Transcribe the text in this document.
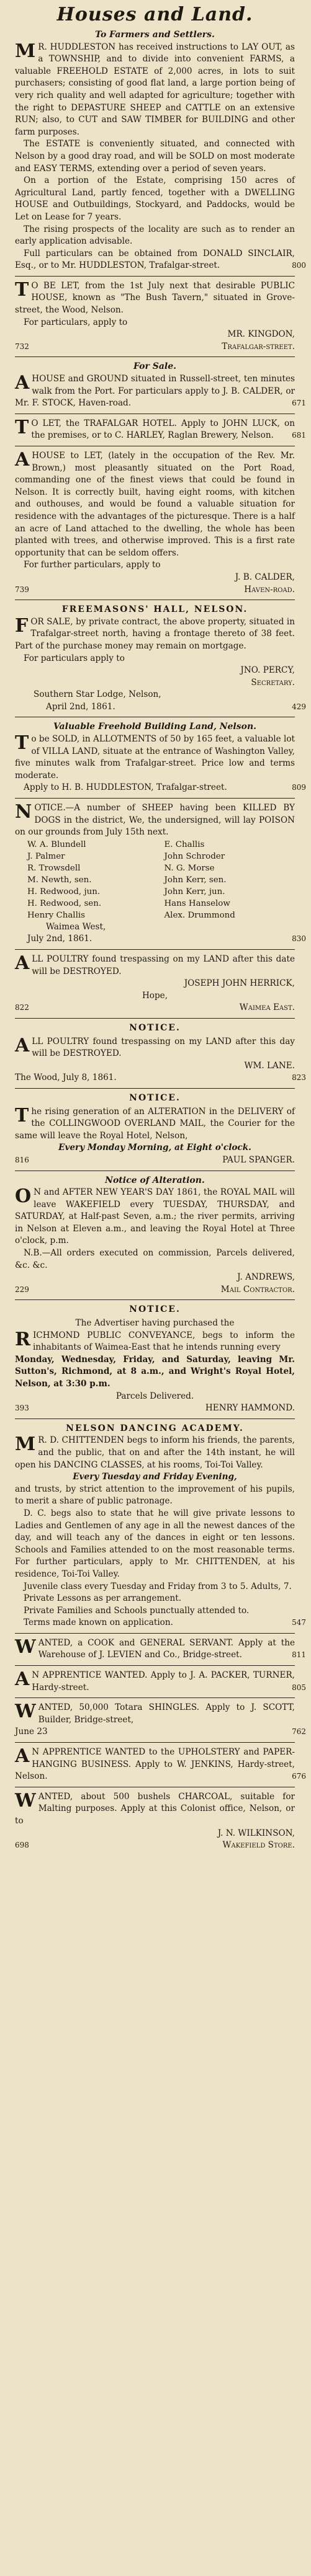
Houses and Land.
To Farmers and Settlers.
M R. HUDDLESTON has received instructions to LAY OUT, as a TOWNSHIP, and to divide into convenient FARMS, a valuable FREEHOLD ESTATE of 2,000 acres, in lots to suit purchasers; consisting of good flat land, a large portion being of very rich quality and well adapted for agriculture; together with the right to DEPASTURE SHEEP and CATTLE on an extensive RUN; also, to CUT and SAW TIMBER for BUILDING and other farm purposes.

The ESTATE is conveniently situated, and connected with Nelson by a good dray road, and will be SOLD on most moderate and EASY TERMS, extending over a period of seven years.

On a portion of the Estate, comprising 150 acres of Agricultural Land, partly fenced, together with a DWELLING HOUSE and Outbuildings, Stockyard, and Paddocks, would be Let on Lease for 7 years.

The rising prospects of the locality are such as to render an early application advisable.

Full particulars can be obtained from DONALD SINCLAIR, Esq., or to Mr. HUDDLESTON, Trafalgar-street.	800
T O BE LET, from the 1st July next that desirable PUBLIC HOUSE, known as "The Bush Tavern," situated in Grove-street, the Wood, Nelson.

For particulars, apply to

MR. KINGDON,

Trafalgar-street.

732
For Sale.
A HOUSE and GROUND situated in Russell-street, ten minutes walk from the Port. For particulars apply to J. B. CALDER, or Mr. F. STOCK, Haven-road.	671
T O LET, the TRAFALGAR HOTEL. Apply to JOHN LUCK, on the premises, or to C. HARLEY, Raglan Brewery, Nelson.	681
A HOUSE to LET, (lately in the occupation of the Rev. Mr. Brown,) most pleasantly situated on the Port Road, commanding one of the finest views that could be found in Nelson. It is correctly built, having eight rooms, with kitchen and outhouses, and would be found a valuable situation for residence with the advantages of the picturesque. There is a half an acre of Land attached to the dwelling, the whole has been planted with trees, and otherwise improved. This is a first rate opportunity that can be seldom offers.

For further particulars, apply to

J. B. CALDER,

Haven-road.

739
FREEMASONS' HALL, NELSON.
F OR SALE, by private contract, the above property, situated in Trafalgar-street north, having a frontage thereto of 38 feet. Part of the purchase money may remain on mortgage.

For particulars apply to

JNO. PERCY,

Secretary.

Southern Star Lodge, Nelson,

April 2nd, 1861.	429
Valuable Freehold Building Land, Nelson.
T o be SOLD, in ALLOTMENTS of 50 by 165 feet, a valuable lot of VILLA LAND, situate at the entrance of Washington Valley, five minutes walk from Trafalgar-street. Price low and terms moderate.

Apply to H. B. HUDDLESTON, Trafalgar-street.	809
N OTICE.—A number of SHEEP having been KILLED BY DOGS in the district, We, the undersigned, will lay POISON on our grounds from July 15th next.

W. A. Blundell	E. Challis
J. Palmer	John Schroder
R. Trowsdell	N. G. Morse
M. Newth, sen.	John Kerr, sen.
H. Redwood, jun.	John Kerr, jun.
H. Redwood, sen.	Hans Hanselow
Henry Challis	Alex. Drummond

Waimea West,

July 2nd, 1861.	830
A LL POULTRY found trespassing on my LAND after this date will be DESTROYED.

JOSEPH JOHN HERRICK,

Hope,

Waimea East.

822
NOTICE.
A LL POULTRY found trespassing on my LAND after this day will be DESTROYED.

WM. LANE.

The Wood, July 8, 1861.	823
NOTICE.
T he rising generation of an ALTERATION in the DELIVERY of the COLLINGWOOD OVERLAND MAIL, the Courier for the same will leave the Royal Hotel, Nelson,

Every Monday Morning, at Eight o'clock.

PAUL SPANGER.

816
Notice of Alteration.
O N and AFTER NEW YEAR'S DAY 1861, the ROYAL MAIL will leave WAKEFIELD every TUESDAY, THURSDAY, and SATURDAY, at Half-past Seven, a.m.; the river permits, arriving in Nelson at Eleven a.m., and leaving the Royal Hotel at Three o'clock, p.m.

N.B.—All orders executed on commission, Parcels delivered, &c. &c.

J. ANDREWS,

Mail Contractor.

229
NOTICE.

The Advertiser having purchased the

R ICHMOND PUBLIC CONVEYANCE, begs to inform the inhabitants of Waimea-East that he intends running every

Monday, Wednesday, Friday, and Saturday, leaving Mr. Sutton's, Richmond, at 8 a.m., and Wright's Royal Hotel, Nelson, at 3:30 p.m.

Parcels Delivered.

HENRY HAMMOND.

393
NELSON DANCING ACADEMY.
M R. D. CHITTENDEN begs to inform his friends, the parents, and the public, that on and after the 14th instant, he will open his DANCING CLASSES, at his rooms, Toi-Toi Valley.

Every Tuesday and Friday Evening,

and trusts, by strict attention to the improvement of his pupils, to merit a share of public patronage.

D. C. begs also to state that he will give private lessons to Ladies and Gentlemen of any age in all the newest dances of the day, and will teach any of the dances in eight or ten lessons. Schools and Families attended to on the most reasonable terms. For further particulars, apply to Mr. CHITTENDEN, at his residence, Toi-Toi Valley.

Juvenile class every Tuesday and Friday from 3 to 5. Adults, 7.

Private Lessons as per arrangement.

Private Families and Schools punctually attended to.

Terms made known on application.	547
W ANTED, a COOK and GENERAL SERVANT. Apply at the Warehouse of J. LEVIEN and Co., Bridge-street.	811
A N APPRENTICE WANTED. Apply to J. A. PACKER, TURNER, Hardy-street.	805
W ANTED, 50,000 Totara SHINGLES. Apply to J. SCOTT, Builder, Bridge-street,

June 23	762
A N APPRENTICE WANTED to the UPHOLSTERY and PAPER-HANGING BUSINESS. Apply to W. JENKINS, Hardy-street, Nelson.	676
W ANTED, about 500 bushels CHARCOAL, suitable for Malting purposes. Apply at this Colonist office, Nelson, or to

J. N. WILKINSON,

Wakefield Store.

698
